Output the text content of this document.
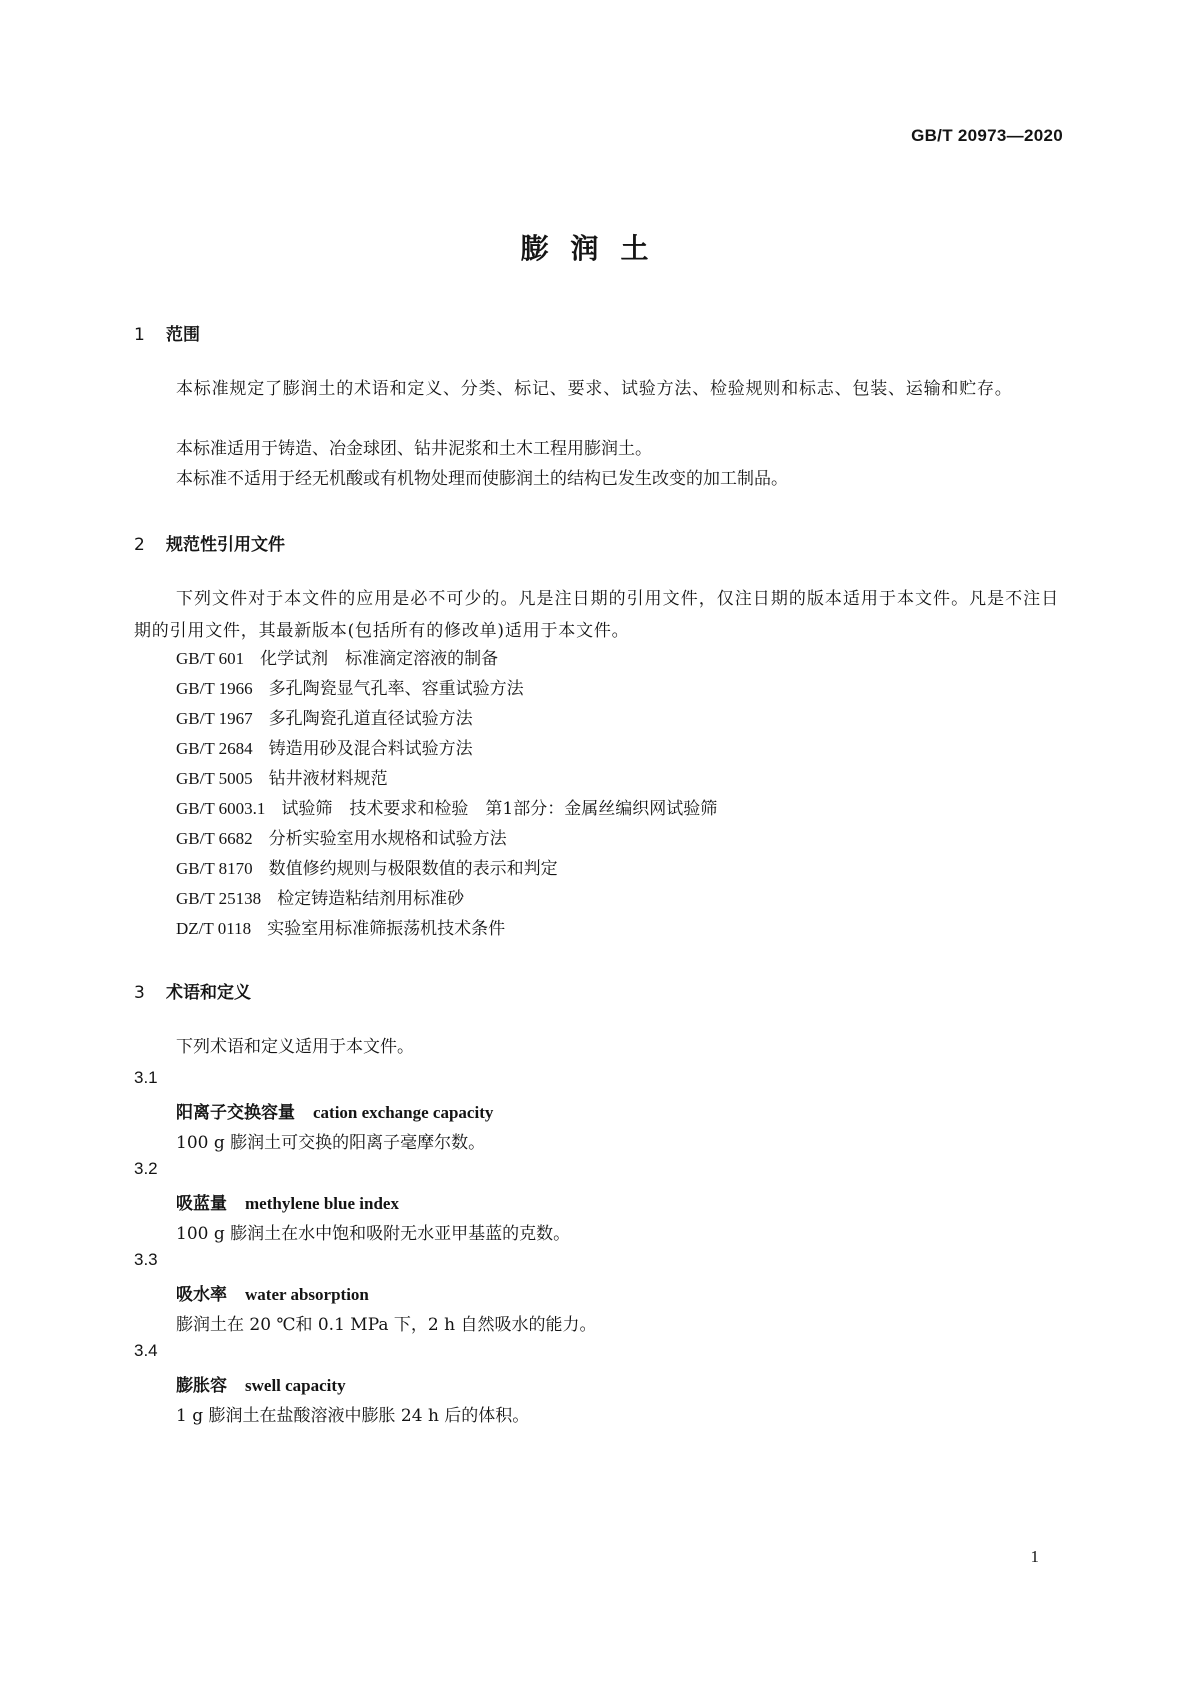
GB/T 20973—2020
膨润土
1 范围

本标准规定了膨润土的术语和定义、分类、标记、要求、试验方法、检验规则和标志、包装、运输和贮存。

本标准适用于铸造、冶金球团、钻井泥浆和土木工程用膨润土。

本标准不适用于经无机酸或有机物处理而使膨润土的结构已发生改变的加工制品。

2 规范性引用文件

下列文件对于本文件的应用是必不可少的。凡是注日期的引用文件，仅注日期的版本适用于本文件。凡是不注日期的引用文件，其最新版本(包括所有的修改单)适用于本文件。

GB/T 601 化学试剂　标准滴定溶液的制备
GB/T 1966 多孔陶瓷显气孔率、容重试验方法
GB/T 1967 多孔陶瓷孔道直径试验方法
GB/T 2684 铸造用砂及混合料试验方法
GB/T 5005 钻井液材料规范
GB/T 6003.1 试验筛　技术要求和检验　第1部分：金属丝编织网试验筛
GB/T 6682 分析实验室用水规格和试验方法
GB/T 8170 数值修约规则与极限数值的表示和判定
GB/T 25138 检定铸造粘结剂用标准砂
DZ/T 0118 实验室用标准筛振荡机技术条件
3 术语和定义

下列术语和定义适用于本文件。

3.1
阳离子交换容量 cation exchange capacity
100 g 膨润土可交换的阳离子毫摩尔数。
3.2
吸蓝量 methylene blue index
100 g 膨润土在水中饱和吸附无水亚甲基蓝的克数。
3.3
吸水率 water absorption
膨润土在 20 ℃和 0.1 MPa 下，2 h 自然吸水的能力。
3.4
膨胀容 swell capacity
1 g 膨润土在盐酸溶液中膨胀 24 h 后的体积。
1
